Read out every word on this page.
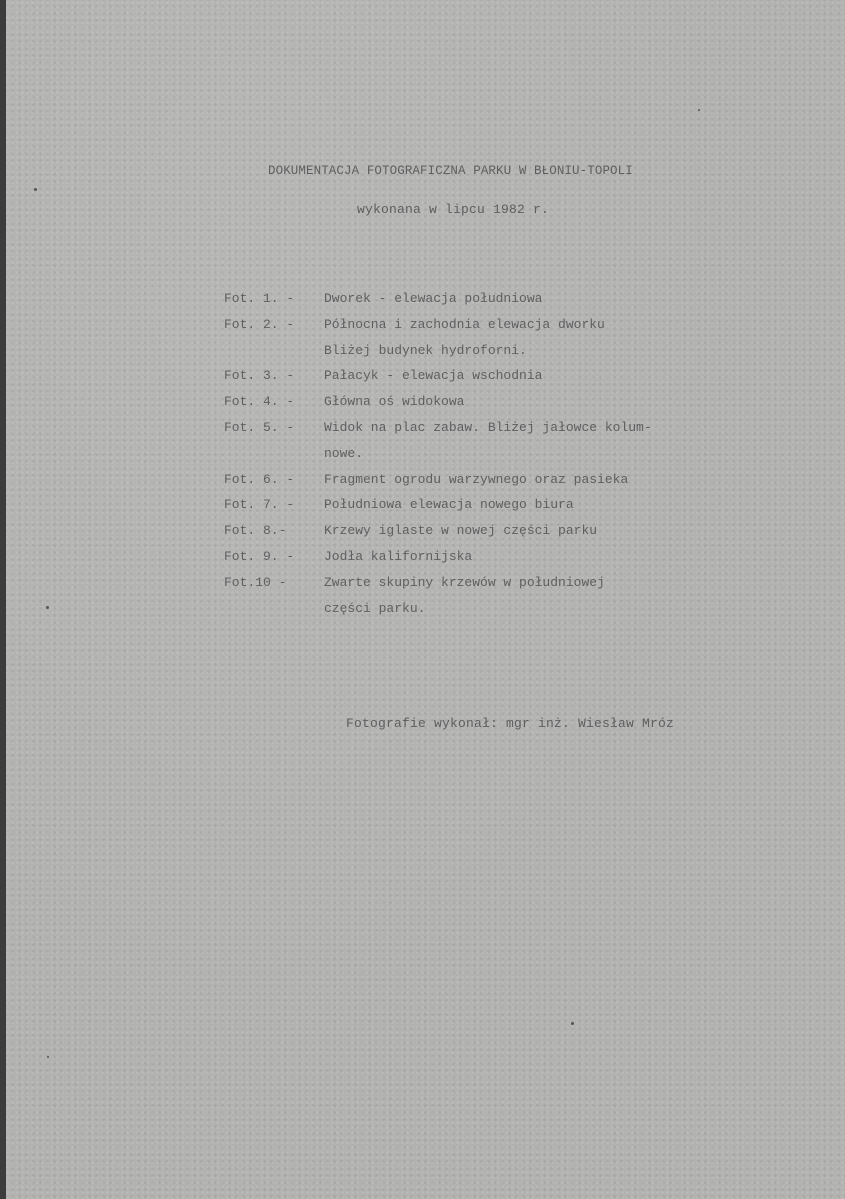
DOKUMENTACJA FOTOGRAFICZNA PARKU W BŁONIU-TOPOLI
wykonana w lipcu 1982 r.
Fot. 1. - Dworek - elewacja południowa
Fot. 2. - Północna i zachodnia elewacja dworku
Bliżej budynek hydroforni.
Fot. 3. - Pałacyk - elewacja wschodnia
Fot. 4. - Główna oś widokowa
Fot. 5. - Widok na plac zabaw. Bliżej jałowce kolum-
nowe.
Fot. 6. - Fragment ogrodu warzywnego oraz pasieka
Fot. 7. - Południowa elewacja nowego biura
Fot. 8.-	Krzewy iglaste w nowej części parku
Fot. 9. - Jodła kalifornijska
Fot.10 -	Zwarte skupiny krzewów w południowej
części parku.
Fotografie wykonał: mgr inż. Wiesław Mróz
